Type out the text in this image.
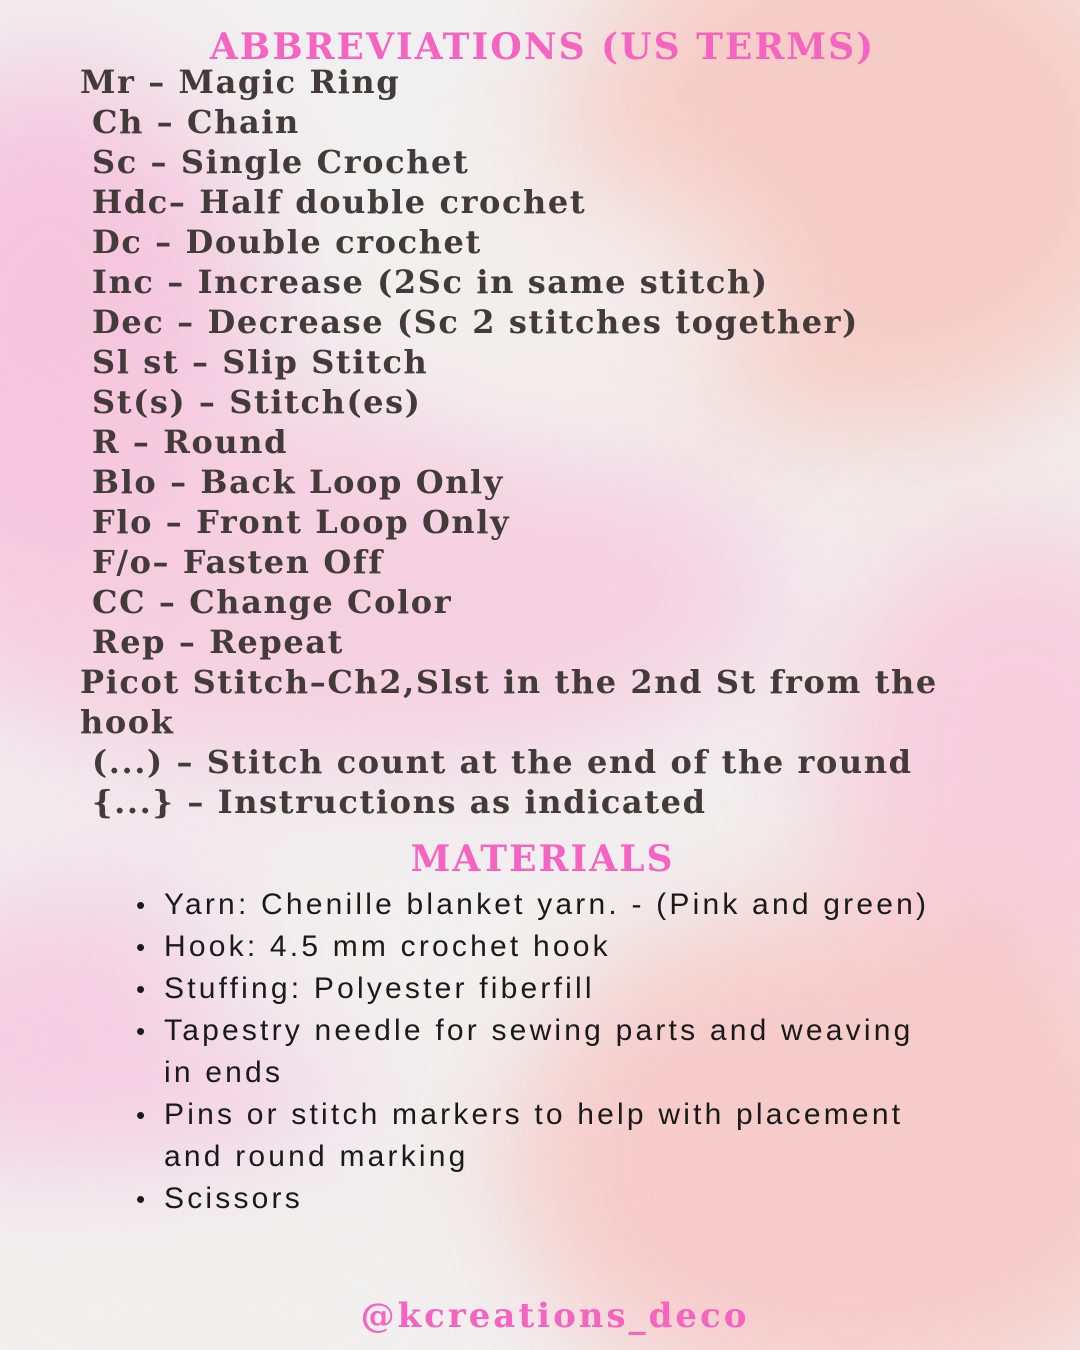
ABBREVIATIONS (US TERMS)
Mr – Magic Ring
Ch – Chain
Sc – Single Crochet
Hdc– Half double crochet
Dc – Double crochet
Inc – Increase (2Sc in same stitch)
Dec – Decrease (Sc 2 stitches together)
Sl st – Slip Stitch
St(s) – Stitch(es)
R – Round
Blo – Back Loop Only
Flo – Front Loop Only
F/o– Fasten Off
CC – Change Color
Rep – Repeat
Picot Stitch–Ch2,Slst in the 2nd St from the
hook
(...) – Stitch count at the end of the round
{...} – Instructions as indicated
MATERIALS
• Yarn: Chenille blanket yarn. - (Pink and green)
• Hook: 4.5 mm crochet hook
• Stuffing: Polyester fiberfill
• Tapestry needle for sewing parts and weaving in ends
• Pins or stitch markers to help with placement and round marking
• Scissors
@kcreations_deco
